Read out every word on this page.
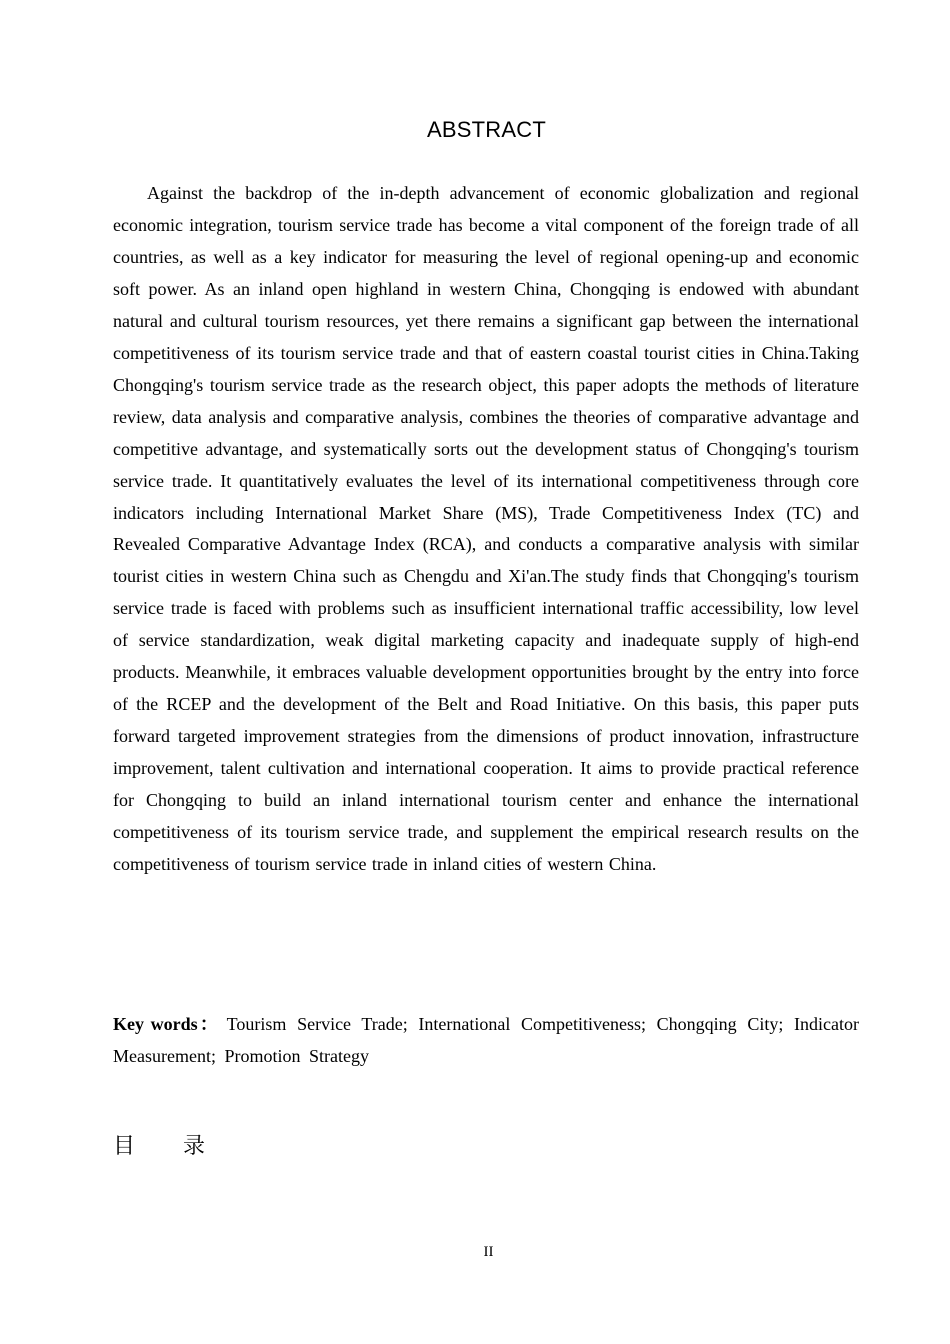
ABSTRACT

Against the backdrop of the in-depth advancement of economic globalization and regional economic integration, tourism service trade has become a vital component of the foreign trade of all countries, as well as a key indicator for measuring the level of regional opening-up and economic soft power. As an inland open highland in western China, Chongqing is endowed with abundant natural and cultural tourism resources, yet there remains a significant gap between the international competitiveness of its tourism service trade and that of eastern coastal tourist cities in China.Taking Chongqing's tourism service trade as the research object, this paper adopts the methods of literature review, data analysis and comparative analysis, combines the theories of comparative advantage and competitive advantage, and systematically sorts out the development status of Chongqing's tourism service trade. It quantitatively evaluates the level of its international competitiveness through core indicators including International Market Share (MS), Trade Competitiveness Index (TC) and Revealed Comparative Advantage Index (RCA), and conducts a comparative analysis with similar tourist cities in western China such as Chengdu and Xi'an.The study finds that Chongqing's tourism service trade is faced with problems such as insufficient international traffic accessibility, low level of service standardization, weak digital marketing capacity and inadequate supply of high-end products. Meanwhile, it embraces valuable development opportunities brought by the entry into force of the RCEP and the development of the Belt and Road Initiative. On this basis, this paper puts forward targeted improvement strategies from the dimensions of product innovation, infrastructure improvement, talent cultivation and international cooperation. It aims to provide practical reference for Chongqing to build an inland international tourism center and enhance the international competitiveness of its tourism service trade, and supplement the empirical research results on the competitiveness of tourism service trade in inland cities of western China.

Key words： Tourism Service Trade; International Competitiveness; Chongqing City; Indicator Measurement; Promotion Strategy

目 录
II
